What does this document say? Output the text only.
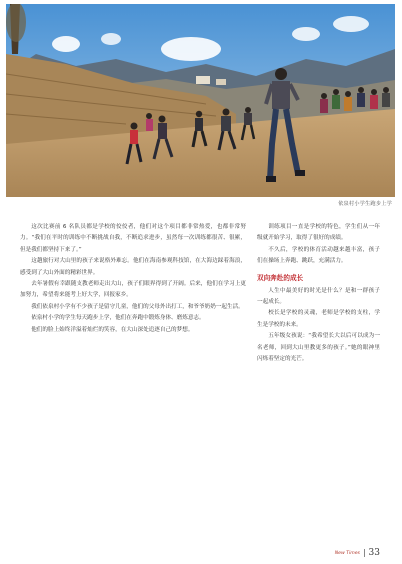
依泉村小学生跑步上学

这次比赛前 6 名队员都是学校的佼佼者，他们对这个项目都非常热爱，也都非常努力。“我们在平时的训练中不断挑战自我，不断追求进步，虽然每一次训练都很苦、很累，但是我们都坚持下来了。”

这趟旅行对大山里的孩子来说格外难忘。他们在海南参观科技馆，在大海边踩着海浪，感受到了大山外面的精彩世界。

去年暑假有幸跟随支教老师走出大山，孩子们眼界得到了开阔。后来，他们在学习上更加努力，希望将来能考上好大学，回报家乡。

我们依泉村小学有不少孩子是留守儿童，他们的父母外出打工，和爷爷奶奶一起生活。

依泉村小学的学生每天跑步上学，他们在奔跑中锻炼身体、磨炼意志。

他们的脸上始终洋溢着灿烂的笑容，在大山深处追逐自己的梦想。

训练项目一直是学校的特色，学生们从一年级就开始学习，取得了很好的成绩。

不久后，学校的体育活动越来越丰富，孩子们在操场上奔跑、跳跃，充满活力。

双向奔赴的成长

人生中最美好的时光是什么？是和一群孩子一起成长。

校长是学校的灵魂，老师是学校的支柱，学生是学校的未来。

五年级女孩说：“我希望长大以后可以成为一名老师，回到大山里教更多的孩子。”她的眼神里闪烁着坚定的光芒。

New Times 33
